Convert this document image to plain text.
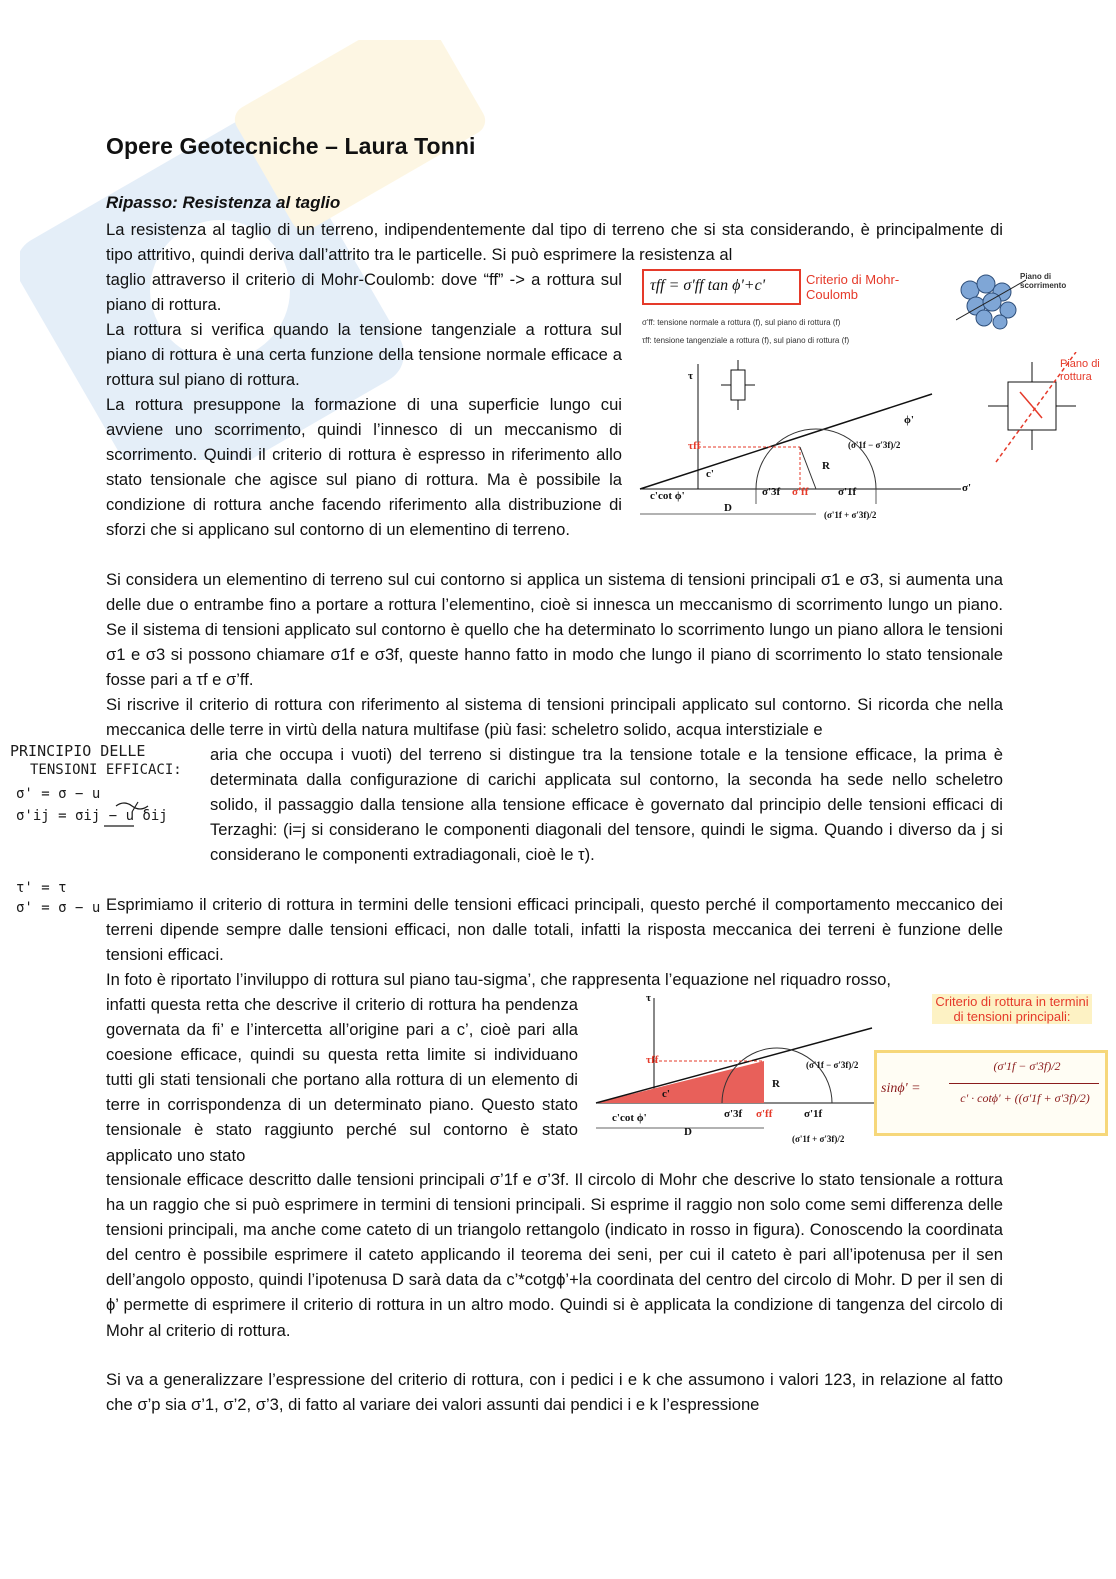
Opere Geotecniche – Laura Tonni
Ripasso: Resistenza al taglio

La resistenza al taglio di un terreno, indipendentemente dal tipo di terreno che si sta considerando, è principalmente di tipo attritivo, quindi deriva dall’attrito tra le particelle. Si può esprimere la resistenza al

taglio attraverso il criterio di Mohr-Coulomb: dove “ff” -> a rottura sul piano di rottura.

La rottura si verifica quando la tensione tangenziale a rottura sul piano di rottura è una certa funzione della tensione normale efficace a rottura sul piano di rottura.

La rottura presuppone la formazione di una superficie lungo cui avviene uno scorrimento, quindi l’innesco di un meccanismo di scorrimento. Quindi il criterio di rottura è espresso in riferimento allo stato tensionale che agisce sul piano di rottura. Ma è possibile la condizione di rottura anche facendo riferimento alla distribuzione di sforzi che si applicano sul contorno di un elementino di terreno.

Si considera un elementino di terreno sul cui contorno si applica un sistema di tensioni principali σ1 e σ3, si aumenta una delle due o entrambe fino a portare a rottura l’elementino, cioè si innesca un meccanismo di scorrimento lungo un piano. Se il sistema di tensioni applicato sul contorno è quello che ha determinato lo scorrimento lungo un piano allora le tensioni σ1 e σ3 si possono chiamare σ1f e σ3f, queste hanno fatto in modo che lungo il piano di scorrimento lo stato tensionale fosse pari a τf e σ’ff.

Si riscrive il criterio di rottura con riferimento al sistema di tensioni principali applicato sul contorno. Si ricorda che nella meccanica delle terre in virtù della natura multifase (più fasi: scheletro solido, acqua interstiziale e

aria che occupa i vuoti) del terreno si distingue tra la tensione totale e la tensione efficace, la prima è determinata dalla configurazione di carichi applicata sul contorno, la seconda ha sede nello scheletro solido, il passaggio dalla tensione alla tensione efficace è governato dal principio delle tensioni efficaci di Terzaghi: (i=j si considerano le componenti diagonali del tensore, quindi le sigma. Quando i diverso da j si considerano le componenti extradiagonali, cioè le τ).

Esprimiamo il criterio di rottura in termini delle tensioni efficaci principali, questo perché il comportamento meccanico dei terreni dipende sempre dalle tensioni efficaci, non dalle totali, infatti la risposta meccanica dei terreni è funzione delle tensioni efficaci.

In foto è riportato l’inviluppo di rottura sul piano tau-sigma’, che rappresenta l’equazione nel riquadro rosso,

infatti questa retta che descrive il criterio di rottura ha pendenza governata da fi’ e l’intercetta all’origine pari a c’, cioè pari alla coesione efficace, quindi su questa retta limite si individuano tutti gli stati tensionali che portano alla rottura di un elemento di terre in corrispondenza di un determinato piano. Questo stato tensionale è stato raggiunto perché sul contorno è stato applicato uno stato

tensionale efficace descritto dalle tensioni principali σ’1f e σ’3f. Il circolo di Mohr che descrive lo stato tensionale a rottura ha un raggio che si può esprimere in termini di tensioni principali. Si esprime il raggio non solo come semi differenza delle tensioni principali, ma anche come cateto di un triangolo rettangolo (indicato in rosso in figura). Conoscendo la coordinata del centro è possibile esprimere il cateto applicando il teorema dei seni, per cui il cateto è pari all’ipotenusa per il sen dell’angolo opposto, quindi l’ipotenusa D sarà data da c’*cotgϕ’+la coordinata del centro del circolo di Mohr. D per il sen di ϕ’ permette di esprimere il criterio di rottura in un altro modo. Quindi si è applicata la condizione di tangenza del circolo di Mohr al criterio di rottura.

Si va a generalizzare l’espressione del criterio di rottura, con i pedici i e k che assumono i valori 123, in relazione al fatto che σ’p sia σ’1, σ’2, σ’3, di fatto al variare dei valori assunti dai pendici i e k l’espressione

τff = σ'ff tan ϕ'+c'	Criterio di Mohr-Coulomb
σ'ff: tensione normale a rottura (f), sul piano di rottura (f)
τff: tensione tangenziale a rottura (f), sul piano di rottura (f)
Piano di scorrimento
τ
σ'
τff
ϕ'
c'
c'cot ϕ'
D
R
σ'3f σ'ff	σ'1f
(σ'1f − σ'3f)/2
(σ'1f + σ'3f)/2
Piano di rottura
τ
τff
c'
c'cot ϕ'
D
R
σ'3f σ'ff	σ'1f
(σ'1f − σ'3f)/2
(σ'1f + σ'3f)/2
Criterio di rottura in termini di tensioni principali:
sinϕ' =
(σ'1f − σ'3f)/2
c' · cotϕ' + ((σ'1f + σ'3f)/2)
PRINCIPIO DELLE
TENSIONI EFFICACI:
σ' = σ − u
σ'ij = σij − u δij
τ' = τ
σ' = σ − u
